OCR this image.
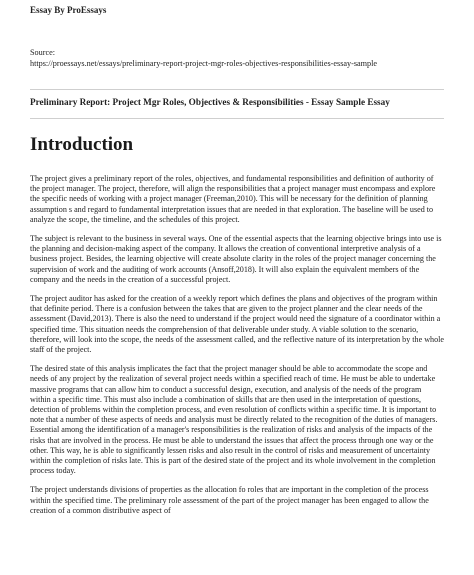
Essay By ProEssays
Source:
https://proessays.net/essays/preliminary-report-project-mgr-roles-objectives-responsibilities-essay-sample
Preliminary Report: Project Mgr Roles, Objectives & Responsibilities - Essay Sample Essay
Introduction

The project gives a preliminary report of the roles, objectives, and fundamental responsibilities and definition of authority of the project manager. The project, therefore, will align the responsibilities that a project manager must encompass and explore the specific needs of working with a project manager (Freeman,2010). This will be necessary for the definition of planning assumption s and regard to fundamental interpretation issues that are needed in that exploration. The baseline will be used to analyze the scope, the timeline, and the schedules of this project.

The subject is relevant to the business in several ways. One of the essential aspects that the learning objective brings into use is the planning and decision-making aspect of the company. It allows the creation of conventional interpretive analysis of a business project. Besides, the learning objective will create absolute clarity in the roles of the project manager concerning the supervision of work and the auditing of work accounts (Ansoff,2018). It will also explain the equivalent members of the company and the needs in the creation of a successful project.

The project auditor has asked for the creation of a weekly report which defines the plans and objectives of the program within that definite period. There is a confusion between the takes that are given to the project planner and the clear needs of the assessment (David,2013). There is also the need to understand if the project would need the signature of a coordinator within a specified time. This situation needs the comprehension of that deliverable under study. A viable solution to the scenario, therefore, will look into the scope, the needs of the assessment called, and the reflective nature of its interpretation by the whole staff of the project.

The desired state of this analysis implicates the fact that the project manager should be able to accommodate the scope and needs of any project by the realization of several project needs within a specified reach of time. He must be able to undertake massive programs that can allow him to conduct a successful design, execution, and analysis of the needs of the program within a specific time. This must also include a combination of skills that are then used in the interpretation of questions, detection of problems within the completion process, and even resolution of conflicts within a specific time. It is important to note that a number of these aspects of needs and analysis must be directly related to the recognition of the duties of managers. Essential among the identification of a manager's responsibilities is the realization of risks and analysis of the impacts of the risks that are involved in the process. He must be able to understand the issues that affect the process through one way or the other. This way, he is able to significantly lessen risks and also result in the control of risks and measurement of uncertainty within the completion of risks late. This is part of the desired state of the project and its whole involvement in the completion process today.

The project understands divisions of properties as the allocation fo roles that are important in the completion of the process within the specified time. The preliminary role assessment of the part of the project manager has been engaged to allow the creation of a common distributive aspect of
